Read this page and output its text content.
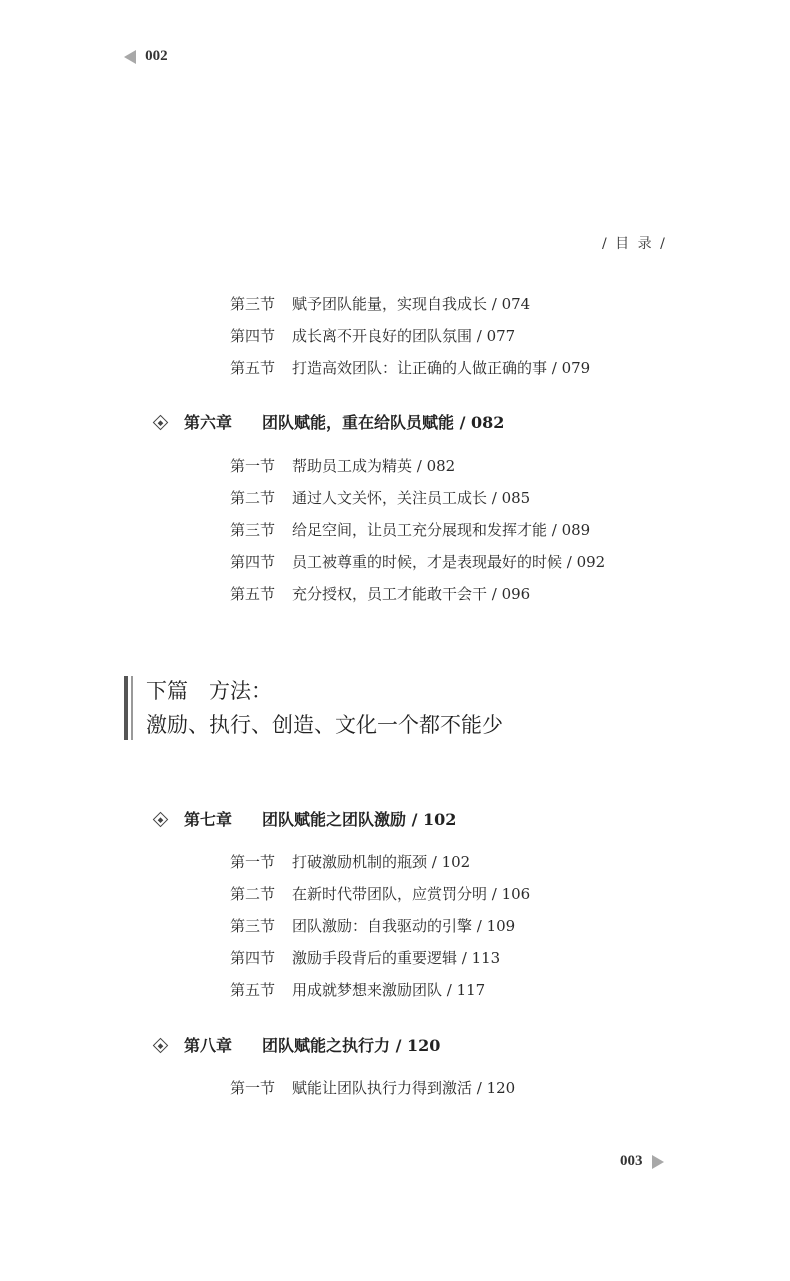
002
/ 目 录 /
第三节 赋予团队能量，实现自我成长 / 074
第四节 成长离不开良好的团队氛围 / 077
第五节 打造高效团队：让正确的人做正确的事 / 079
第六章 团队赋能，重在给队员赋能 / 082
第一节 帮助员工成为精英 / 082
第二节 通过人文关怀，关注员工成长 / 085
第三节 给足空间，让员工充分展现和发挥才能 / 089
第四节 员工被尊重的时候，才是表现最好的时候 / 092
第五节 充分授权，员工才能敢干会干 / 096
下篇　方法：
激励、执行、创造、文化一个都不能少
第七章 团队赋能之团队激励 / 102
第一节 打破激励机制的瓶颈 / 102
第二节 在新时代带团队，应赏罚分明 / 106
第三节 团队激励：自我驱动的引擎 / 109
第四节 激励手段背后的重要逻辑 / 113
第五节 用成就梦想来激励团队 / 117
第八章 团队赋能之执行力 / 120
第一节 赋能让团队执行力得到激活 / 120
003
